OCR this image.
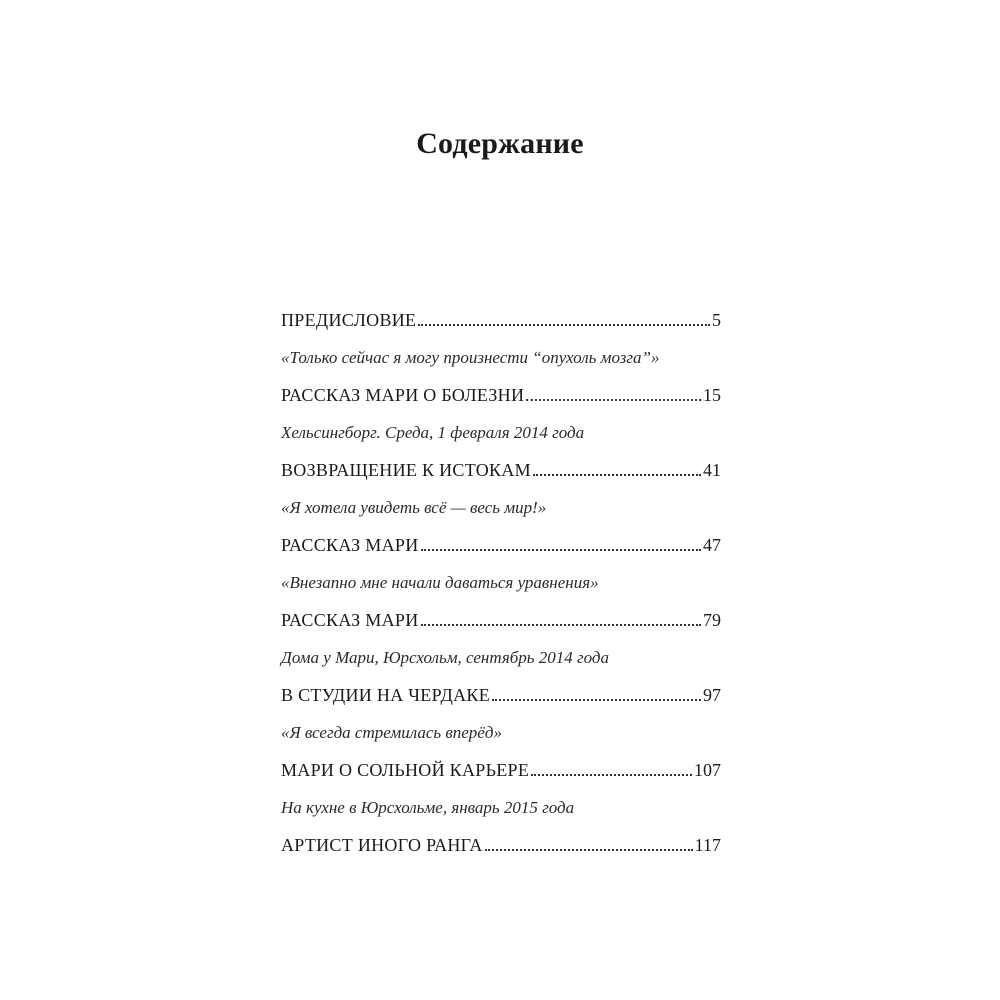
Содержание
ПРЕДИСЛОВИЕ	5
«Только сейчас я могу произнести “опухоль мозга”»
РАССКАЗ МАРИ О БОЛЕЗНИ	15
Хельсингборг. Среда, 1 февраля 2014 года
ВОЗВРАЩЕНИЕ К ИСТОКАМ	41
«Я хотела увидеть всё — весь мир!»
РАССКАЗ МАРИ	47
«Внезапно мне начали даваться уравнения»
РАССКАЗ МАРИ	79
Дома у Мари, Юрсхольм, сентябрь 2014 года
В СТУДИИ НА ЧЕРДАКЕ	97
«Я всегда стремилась вперёд»
МАРИ О СОЛЬНОЙ КАРЬЕРЕ	107
На кухне в Юрсхольме, январь 2015 года
АРТИСТ ИНОГО РАНГА	117
